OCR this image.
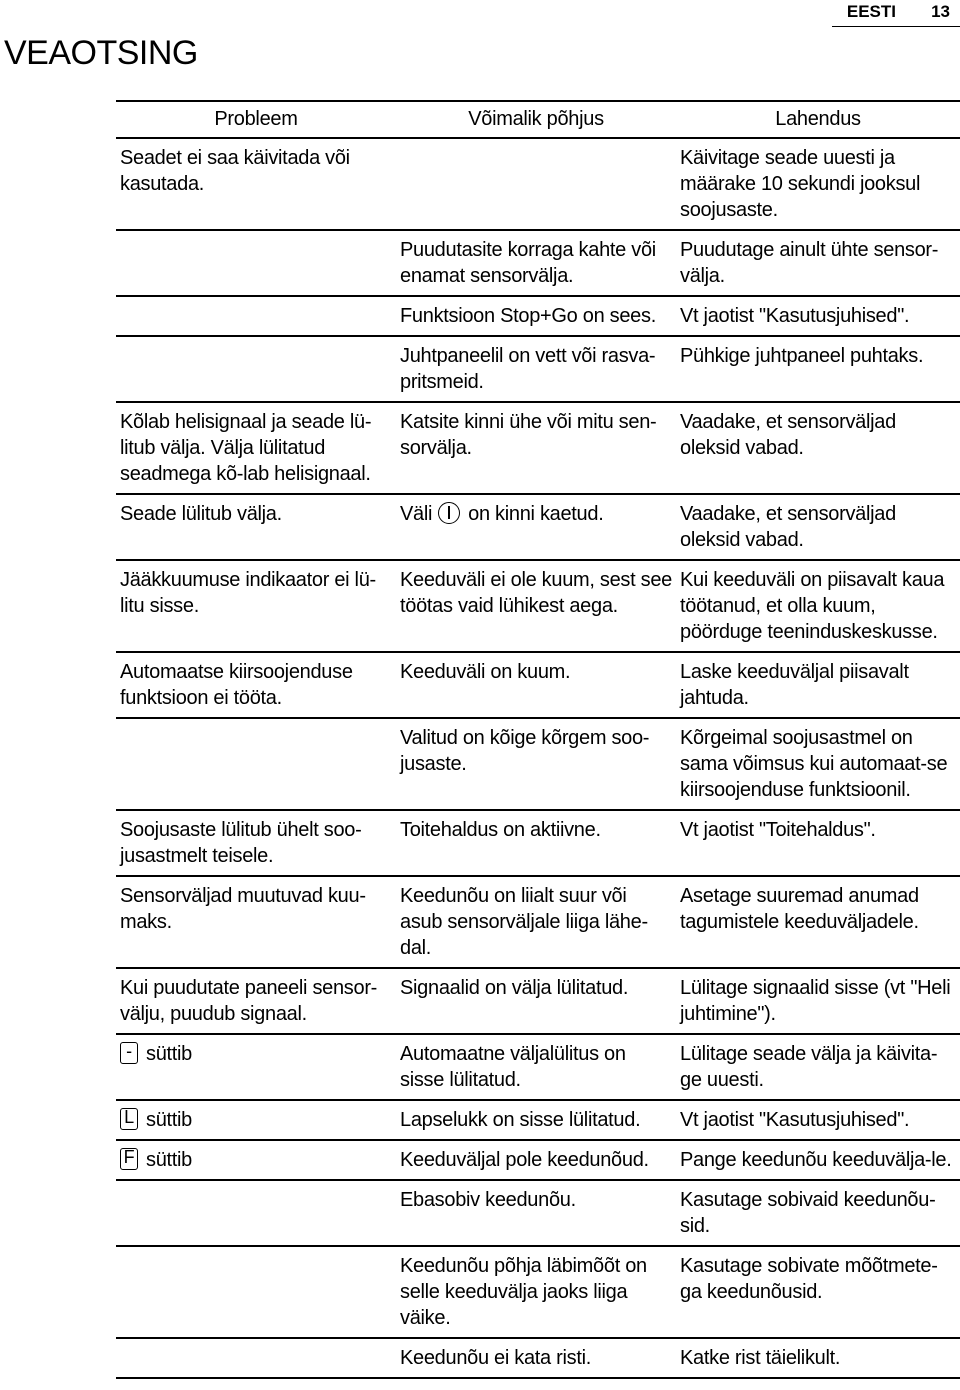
EESTI 13
VEAOTSING
Probleem	Võimalik põhjus	Lahendus
Seadet ei saa käivitada või kasutada.		Käivitage seade uuesti ja määrake 10 sekundi jooksul soojusaste.
	Puudutasite korraga kahte või enamat sensorvälja.	Puudutage ainult ühte sensor-välja.
	Funktsioon Stop+Go on sees.	Vt jaotist "Kasutusjuhised".
	Juhtpaneelil on vett või rasva-pritsmeid.	Pühkige juhtpaneel puhtaks.
Kõlab helisignaal ja seade lü-litub välja. Välja lülitatud seadmega kõ-lab helisignaal.	Katsite kinni ühe või mitu sen-sorvälja.	Vaadake, et sensorväljad oleksid vabad.
Seade lülitub välja.	Väli on kinni kaetud.	Vaadake, et sensorväljad oleksid vabad.
Jääkkuumuse indikaator ei lü-litu sisse.	Keeduväli ei ole kuum, sest see töötas vaid lühikest aega.	Kui keeduväli on piisavalt kaua töötanud, et olla kuum, pöörduge teeninduskeskusse.
Automaatse kiirsoojenduse funktsioon ei tööta.	Keeduväli on kuum.	Laske keeduväljal piisavalt jahtuda.
	Valitud on kõige kõrgem soo-jusaste.	Kõrgeimal soojusastmel on sama võimsus kui automaat-se kiirsoojenduse funktsioonil.
Soojusaste lülitub ühelt soo-jusastmelt teisele.	Toitehaldus on aktiivne.	Vt jaotist "Toitehaldus".
Sensorväljad muutuvad kuu-maks.	Keedunõu on liialt suur või asub sensorväljale liiga lähe-dal.	Asetage suuremad anumad tagumistele keeduväljadele.
Kui puudutate paneeli sensor-välju, puudub signaal.	Signaalid on välja lülitatud.	Lülitage signaalid sisse (vt "Heli juhtimine").

- süttib	Automaatne väljalülitus on sisse lülitatud.	Lülitage seade välja ja käivita-ge uuesti.

L süttib	Lapselukk on sisse lülitatud.	Vt jaotist "Kasutusjuhised".

F süttib	Keeduväljal pole keedunõud.	Pange keedunõu keeduvälja-le.
	Ebasobiv keedunõu.	Kasutage sobivaid keedunõu-sid.
	Keedunõu põhja läbimõõt on selle keeduvälja jaoks liiga väike.	Kasutage sobivate mõõtmete-ga keedunõusid.
	Keedunõu ei kata risti.	Katke rist täielikult.
